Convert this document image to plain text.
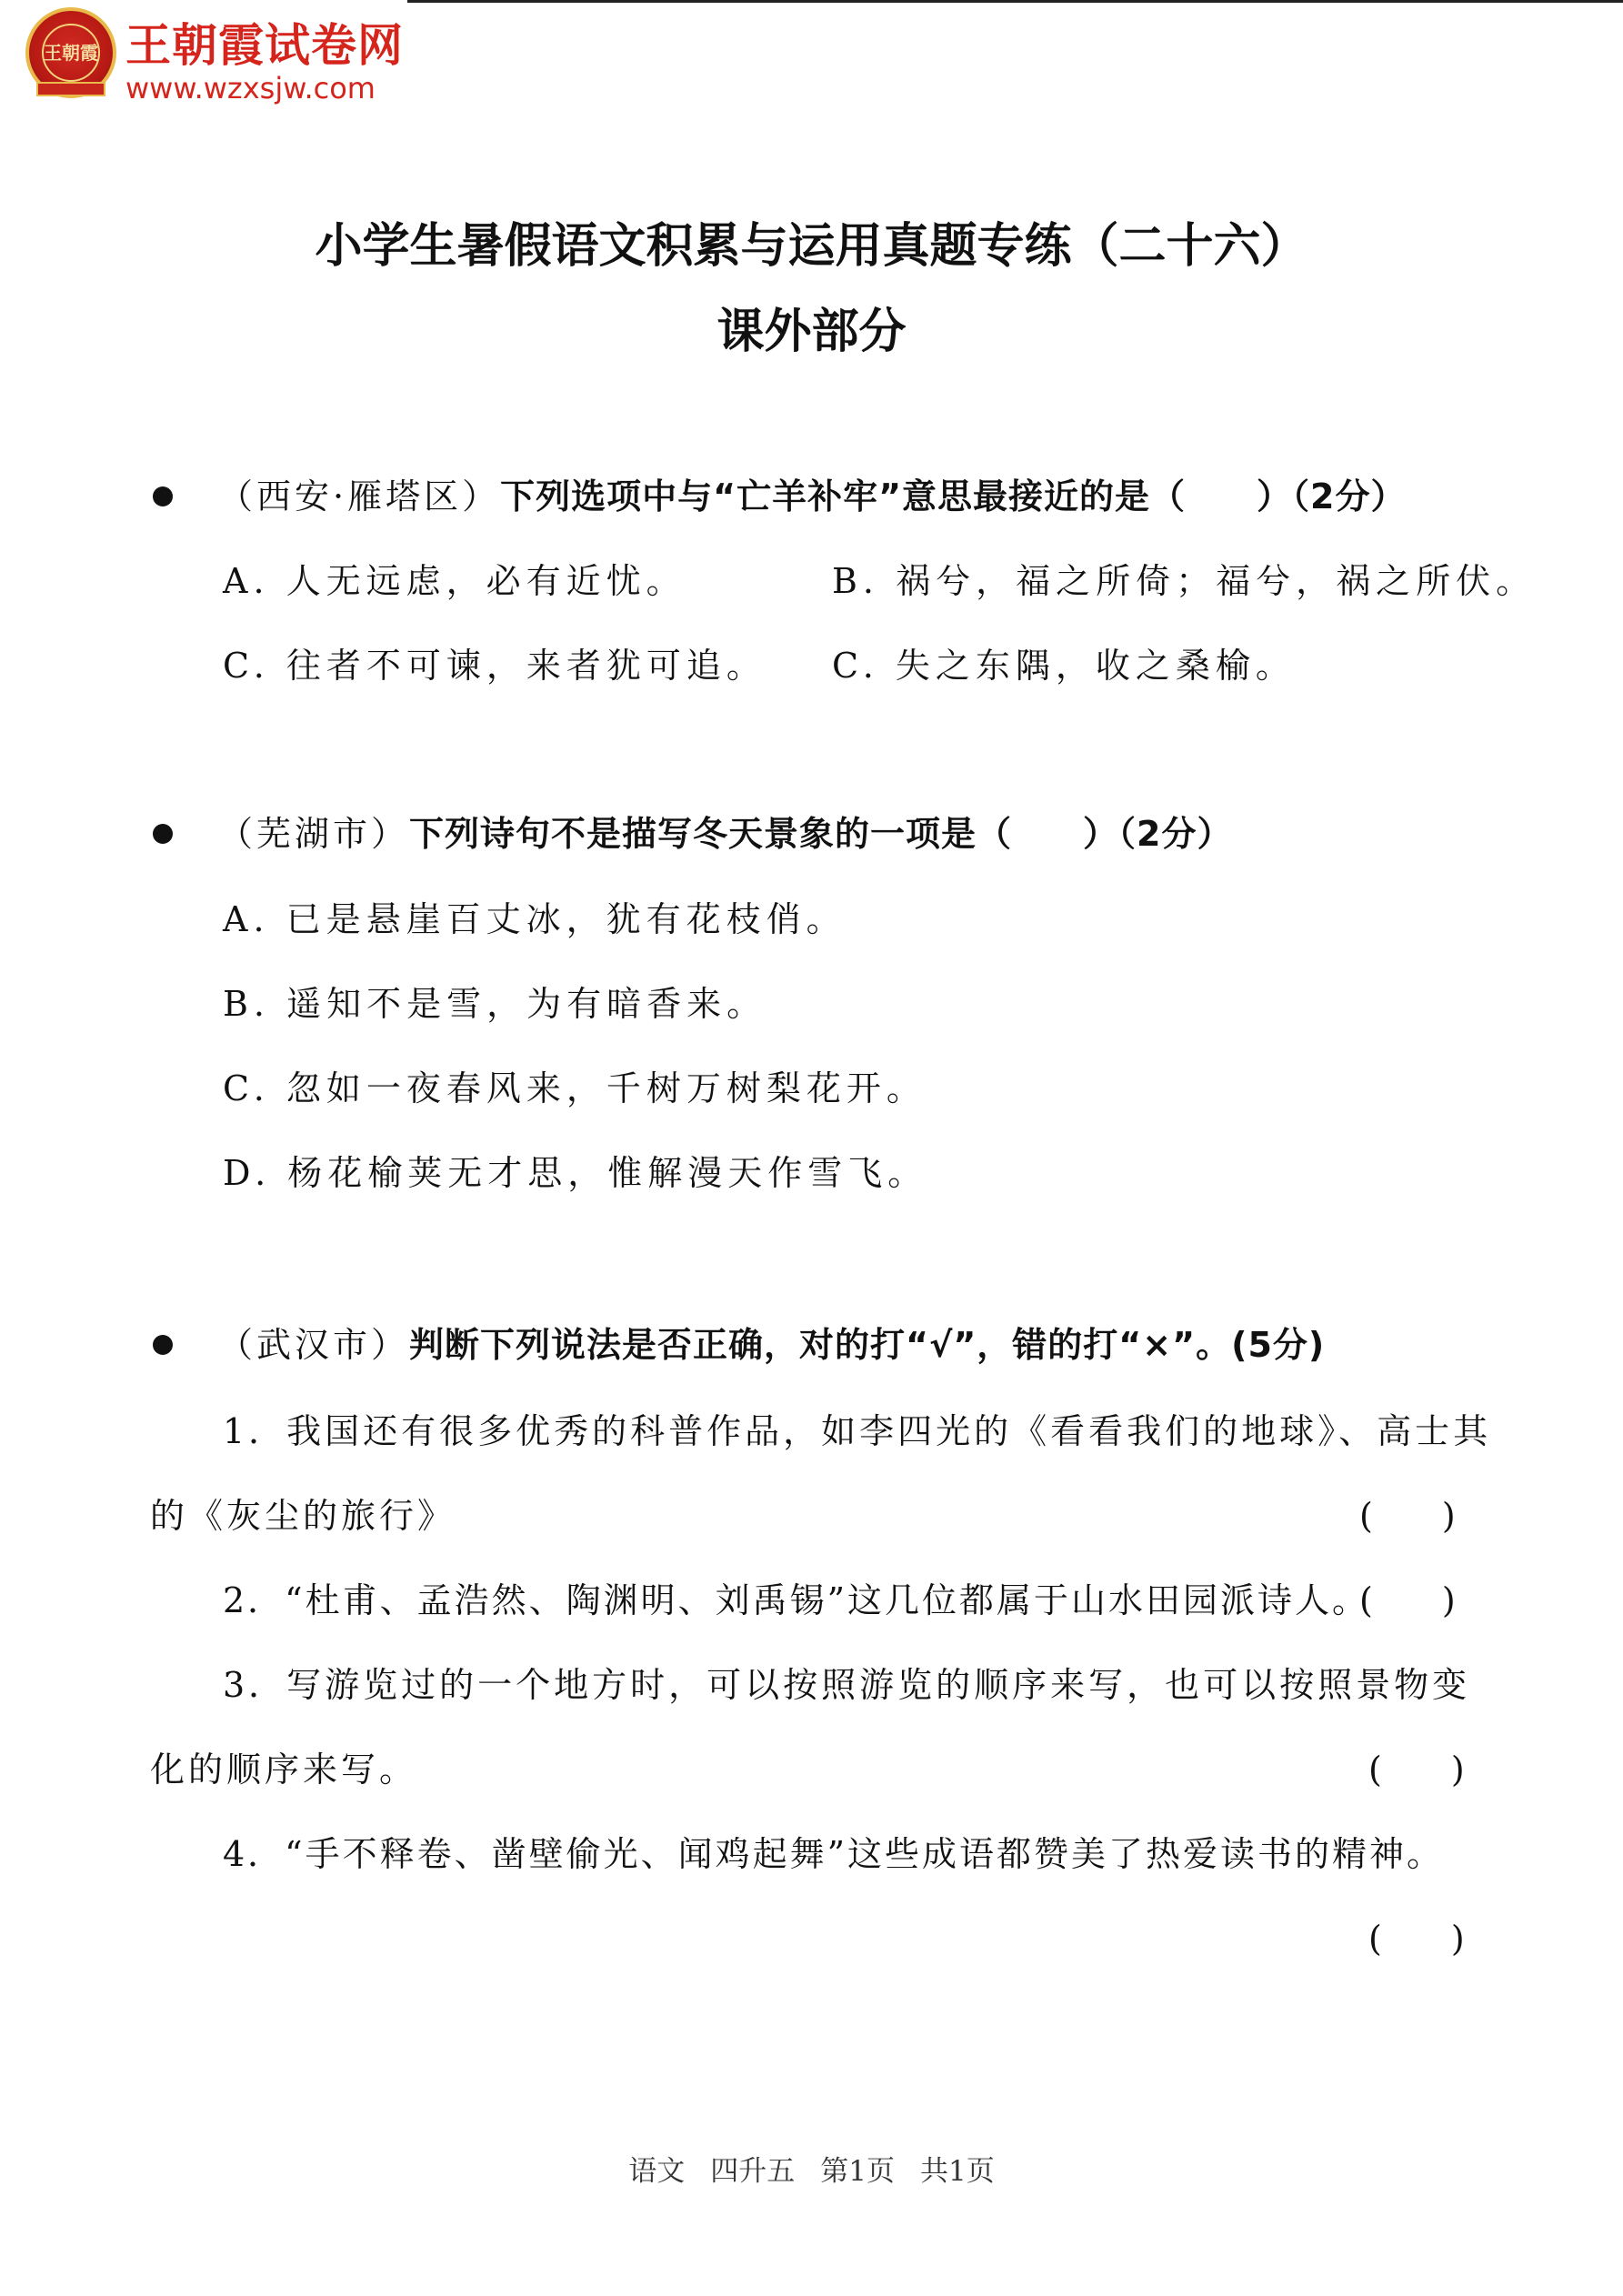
王朝霞 王朝霞试卷网
www.wzxsjw.com
小学生暑假语文积累与运用真题专练（二十六）
课外部分
（西安·雁塔区）下列选项中与“亡羊补牢”意思最接近的是（　　）（2分）
A. 人无远虑，必有近忧。	B. 祸兮，福之所倚；福兮，祸之所伏。
C. 往者不可谏，来者犹可追。 C. 失之东隅，收之桑榆。
（芜湖市）下列诗句不是描写冬天景象的一项是（　　）（2分）
A. 已是悬崖百丈冰，犹有花枝俏。
B. 遥知不是雪，为有暗香来。
C. 忽如一夜春风来，千树万树梨花开。
D. 杨花榆荚无才思，惟解漫天作雪飞。
（武汉市）判断下列说法是否正确，对的打“√”，错的打“×”。(5分)
1．我国还有很多优秀的科普作品，如李四光的《看看我们的地球》、高士其
的《灰尘的旅行》	(　　)
2．“杜甫、孟浩然、陶渊明、刘禹锡”这几位都属于山水田园派诗人。
(　　)
3．写游览过的一个地方时，可以按照游览的顺序来写，也可以按照景物变
化的顺序来写。	(　　)
4．“手不释卷、凿壁偷光、闻鸡起舞”这些成语都赞美了热爱读书的精神。
(　　)
语文 四升五 第1页 共1页
